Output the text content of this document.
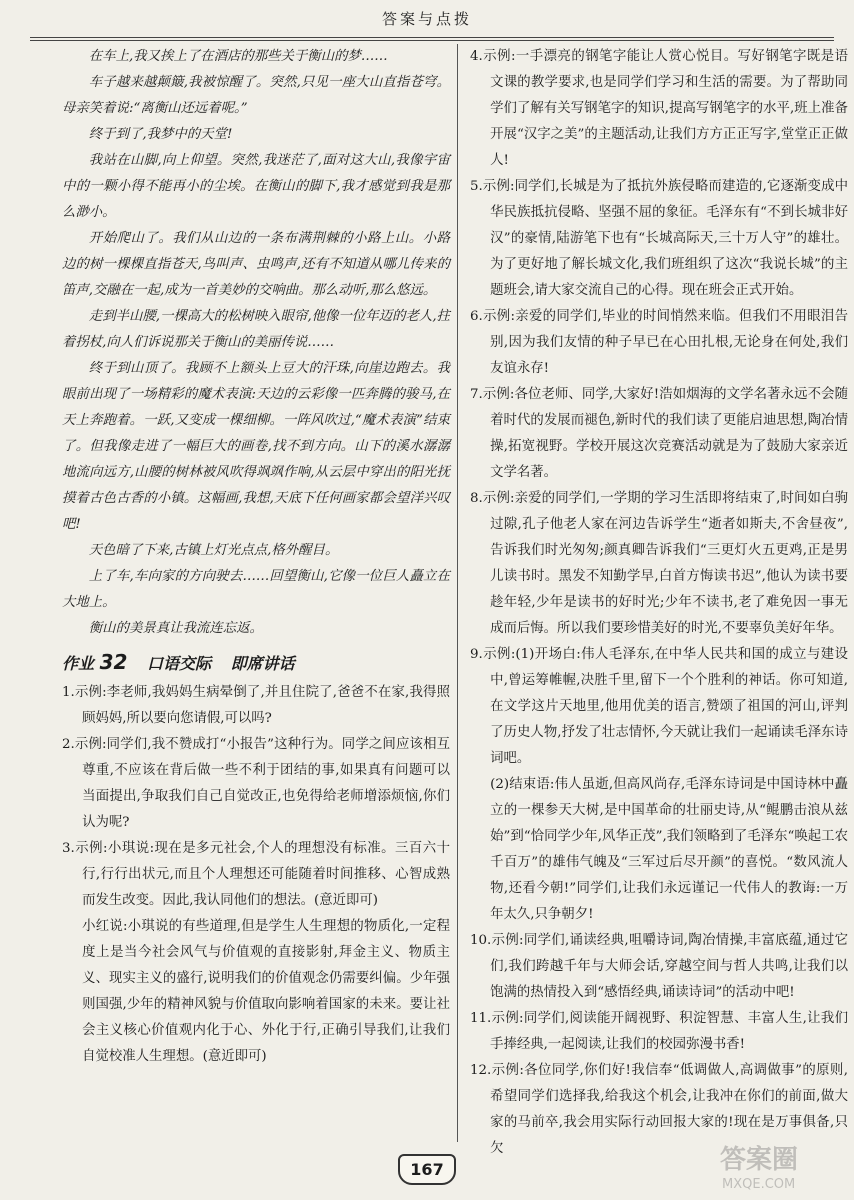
答案与点拨

在车上,我又挨上了在酒店的那些关于衡山的梦……

车子越来越颠簸,我被惊醒了。突然,只见一座大山直指苍穹。母亲笑着说:“离衡山还远着呢。”

终于到了,我梦中的天堂!

我站在山脚,向上仰望。突然,我迷茫了,面对这大山,我像宇宙中的一颗小得不能再小的尘埃。在衡山的脚下,我才感觉到我是那么渺小。

开始爬山了。我们从山边的一条布满荆棘的小路上山。小路边的树一棵棵直指苍天,鸟叫声、虫鸣声,还有不知道从哪儿传来的笛声,交融在一起,成为一首美妙的交响曲。那么动听,那么悠远。

走到半山腰,一棵高大的松树映入眼帘,他像一位年迈的老人,拄着拐杖,向人们诉说那关于衡山的美丽传说……

终于到山顶了。我顾不上额头上豆大的汗珠,向崖边跑去。我眼前出现了一场精彩的魔术表演:天边的云彩像一匹奔腾的骏马,在天上奔跑着。一跃,又变成一棵细柳。一阵风吹过,“魔术表演”结束了。但我像走进了一幅巨大的画卷,找不到方向。山下的溪水潺潺地流向远方,山腰的树林被风吹得飒飒作响,从云层中穿出的阳光抚摸着古色古香的小镇。这幅画,我想,天底下任何画家都会望洋兴叹吧!

天色暗了下来,古镇上灯光点点,格外醒目。

上了车,车向家的方向驶去……回望衡山,它像一位巨人矗立在大地上。

衡山的美景真让我流连忘返。

作业 32 口语交际 即席讲话

1.示例:李老师,我妈妈生病晕倒了,并且住院了,爸爸不在家,我得照顾妈妈,所以要向您请假,可以吗?

2.示例:同学们,我不赞成打“小报告”这种行为。同学之间应该相互尊重,不应该在背后做一些不利于团结的事,如果真有问题可以当面提出,争取我们自己自觉改正,也免得给老师增添烦恼,你们认为呢?

3.示例:小琪说:现在是多元社会,个人的理想没有标准。三百六十行,行行出状元,而且个人理想还可能随着时间推移、心智成熟而发生改变。因此,我认同他们的想法。(意近即可)

小红说:小琪说的有些道理,但是学生人生理想的物质化,一定程度上是当今社会风气与价值观的直接影射,拜金主义、物质主义、现实主义的盛行,说明我们的价值观念仍需要纠偏。少年强则国强,少年的精神风貌与价值取向影响着国家的未来。要让社会主义核心价值观内化于心、外化于行,正确引导我们,让我们自觉校准人生理想。(意近即可)

4.示例:一手漂亮的钢笔字能让人赏心悦目。写好钢笔字既是语文课的教学要求,也是同学们学习和生活的需要。为了帮助同学们了解有关写钢笔字的知识,提高写钢笔字的水平,班上准备开展“汉字之美”的主题活动,让我们方方正正写字,堂堂正正做人!

5.示例:同学们,长城是为了抵抗外族侵略而建造的,它逐渐变成中华民族抵抗侵略、坚强不屈的象征。毛泽东有“不到长城非好汉”的豪情,陆游笔下也有“长城高际天,三十万人守”的雄壮。为了更好地了解长城文化,我们班组织了这次“我说长城”的主题班会,请大家交流自己的心得。现在班会正式开始。

6.示例:亲爱的同学们,毕业的时间悄然来临。但我们不用眼泪告别,因为我们友情的种子早已在心田扎根,无论身在何处,我们友谊永存!

7.示例:各位老师、同学,大家好!浩如烟海的文学名著永远不会随着时代的发展而褪色,新时代的我们读了更能启迪思想,陶冶情操,拓宽视野。学校开展这次竞赛活动就是为了鼓励大家亲近文学名著。

8.示例:亲爱的同学们,一学期的学习生活即将结束了,时间如白驹过隙,孔子他老人家在河边告诉学生“逝者如斯夫,不舍昼夜”,告诉我们时光匆匆;颜真卿告诉我们“三更灯火五更鸡,正是男儿读书时。黑发不知勤学早,白首方悔读书迟”,他认为读书要趁年轻,少年是读书的好时光;少年不读书,老了难免因一事无成而后悔。所以我们要珍惜美好的时光,不要辜负美好年华。

9.示例:(1)开场白:伟人毛泽东,在中华人民共和国的成立与建设中,曾运筹帷幄,决胜千里,留下一个个胜利的神话。你可知道,在文学这片天地里,他用优美的语言,赞颂了祖国的河山,评判了历史人物,抒发了壮志情怀,今天就让我们一起诵读毛泽东诗词吧。

(2)结束语:伟人虽逝,但高风尚存,毛泽东诗词是中国诗林中矗立的一棵参天大树,是中国革命的壮丽史诗,从“鲲鹏击浪从兹始”到“恰同学少年,风华正茂”,我们领略到了毛泽东“唤起工农千百万”的雄伟气魄及“三军过后尽开颜”的喜悦。“数风流人物,还看今朝!”同学们,让我们永远谨记一代伟人的教诲:一万年太久,只争朝夕!

10.示例:同学们,诵读经典,咀嚼诗词,陶冶情操,丰富底蕴,通过它们,我们跨越千年与大师会话,穿越空间与哲人共鸣,让我们以饱满的热情投入到“感悟经典,诵读诗词”的活动中吧!

11.示例:同学们,阅读能开阔视野、积淀智慧、丰富人生,让我们手捧经典,一起阅读,让我们的校园弥漫书香!

12.示例:各位同学,你们好!我信奉“低调做人,高调做事”的原则,希望同学们选择我,给我这个机会,让我冲在你们的前面,做大家的马前卒,我会用实际行动回报大家的!现在是万事俱备,只欠

167	答案圈
MXQE.COM
